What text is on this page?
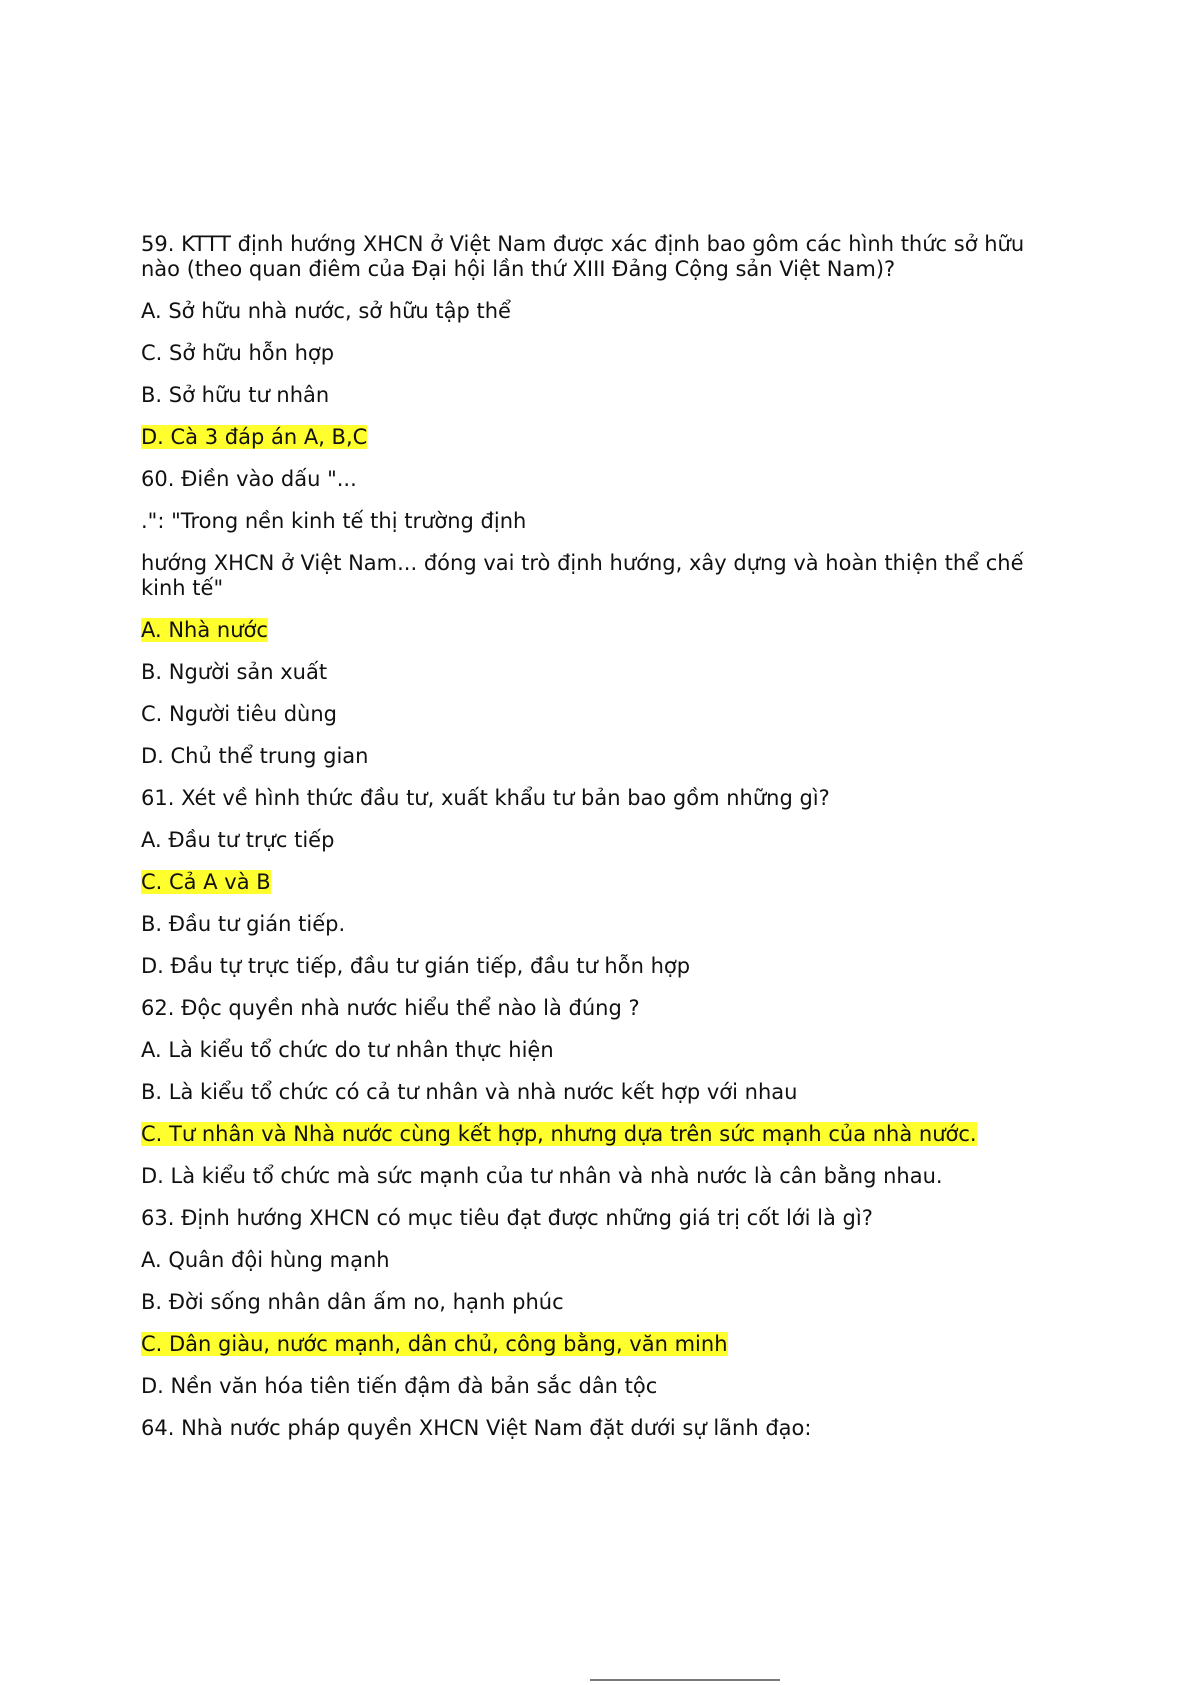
59. KTTT định hướng XHCN ở Việt Nam được xác định bao gôm các hình thức sở hữu nào (theo quan điêm của Đại hội lần thứ XIII Đảng Cộng sản Việt Nam)?

A. Sở hữu nhà nước, sở hữu tập thể

C. Sở hữu hỗn hợp

B. Sở hữu tư nhân

D. Cà 3 đáp án A, B,C

60. Điền vào dấu "...

.": "Trong nền kinh tế thị trường định

hướng XHCN ở Việt Nam... đóng vai trò định hướng, xây dựng và hoàn thiện thể chế kinh tế"

A. Nhà nước

B. Người sản xuất

C. Người tiêu dùng

D. Chủ thể trung gian

61. Xét về hình thức đầu tư, xuất khẩu tư bản bao gồm những gì?

A. Đầu tư trực tiếp

C. Cả A và B

B. Đầu tư gián tiếp.

D. Đầu tự trực tiếp, đầu tư gián tiếp, đầu tư hỗn hợp

62. Độc quyền nhà nước hiểu thể nào là đúng ?

A. Là kiểu tổ chức do tư nhân thực hiện

B. Là kiểu tổ chức có cả tư nhân và nhà nước kết hợp với nhau

C. Tư nhân và Nhà nước cùng kết hợp, nhưng dựa trên sức mạnh của nhà nước.

D. Là kiểu tổ chức mà sức mạnh của tư nhân và nhà nước là cân bằng nhau.

63. Định hướng XHCN có mục tiêu đạt được những giá trị cốt lới là gì?

A. Quân đội hùng mạnh

B. Đời sống nhân dân ấm no, hạnh phúc

C. Dân giàu, nước mạnh, dân chủ, công bằng, văn minh

D. Nền văn hóa tiên tiến đậm đà bản sắc dân tộc

64. Nhà nước pháp quyền XHCN Việt Nam đặt dưới sự lãnh đạo:
